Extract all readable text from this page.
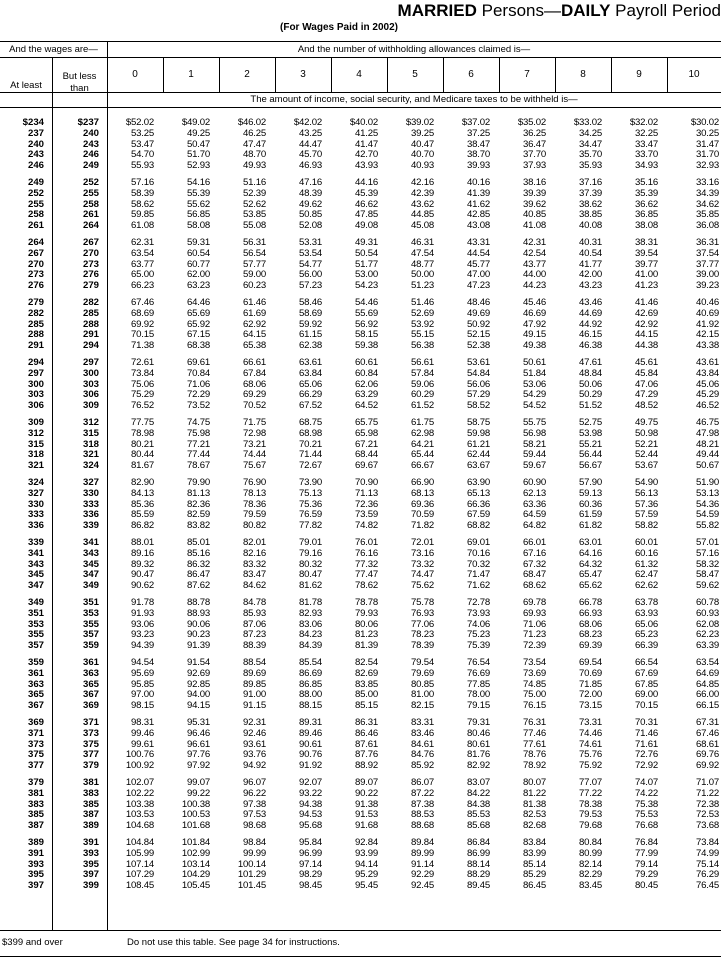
MARRIED Persons—DAILY Payroll Period
(For Wages Paid in 2002)
And the wages are—	And the number of withholding allowances claimed is—
At least
But less
than
The amount of income, social security, and Medicare taxes to be withheld is—
0	1	2	3	4	5	6	7	8	9	10
$234	$237	$52.02	$49.02	$46.02	$42.02	$40.02	$39.02	$37.02	$35.02	$33.02	$32.02	$30.02
237	240	53.25	49.25	46.25	43.25	41.25	39.25	37.25	36.25	34.25	32.25	30.25
240	243	53.47	50.47	47.47	44.47	41.47	40.47	38.47	36.47	34.47	33.47	31.47
243	246	54.70	51.70	48.70	45.70	42.70	40.70	38.70	37.70	35.70	33.70	31.70
246	249	55.93	52.93	49.93	46.93	43.93	40.93	39.93	37.93	35.93	34.93	32.93
249	252	57.16	54.16	51.16	47.16	44.16	42.16	40.16	38.16	37.16	35.16	33.16
252	255	58.39	55.39	52.39	48.39	45.39	42.39	41.39	39.39	37.39	35.39	34.39
255	258	58.62	55.62	52.62	49.62	46.62	43.62	41.62	39.62	38.62	36.62	34.62
258	261	59.85	56.85	53.85	50.85	47.85	44.85	42.85	40.85	38.85	36.85	35.85
261	264	61.08	58.08	55.08	52.08	49.08	45.08	43.08	41.08	40.08	38.08	36.08
264	267	62.31	59.31	56.31	53.31	49.31	46.31	43.31	42.31	40.31	38.31	36.31
267	270	63.54	60.54	56.54	53.54	50.54	47.54	44.54	42.54	40.54	39.54	37.54
270	273	63.77	60.77	57.77	54.77	51.77	48.77	45.77	43.77	41.77	39.77	37.77
273	276	65.00	62.00	59.00	56.00	53.00	50.00	47.00	44.00	42.00	41.00	39.00
276	279	66.23	63.23	60.23	57.23	54.23	51.23	47.23	44.23	43.23	41.23	39.23
279	282	67.46	64.46	61.46	58.46	54.46	51.46	48.46	45.46	43.46	41.46	40.46
282	285	68.69	65.69	61.69	58.69	55.69	52.69	49.69	46.69	44.69	42.69	40.69
285	288	69.92	65.92	62.92	59.92	56.92	53.92	50.92	47.92	44.92	42.92	41.92
288	291	70.15	67.15	64.15	61.15	58.15	55.15	52.15	49.15	46.15	44.15	42.15
291	294	71.38	68.38	65.38	62.38	59.38	56.38	52.38	49.38	46.38	44.38	43.38
294	297	72.61	69.61	66.61	63.61	60.61	56.61	53.61	50.61	47.61	45.61	43.61
297	300	73.84	70.84	67.84	63.84	60.84	57.84	54.84	51.84	48.84	45.84	43.84
300	303	75.06	71.06	68.06	65.06	62.06	59.06	56.06	53.06	50.06	47.06	45.06
303	306	75.29	72.29	69.29	66.29	63.29	60.29	57.29	54.29	50.29	47.29	45.29
306	309	76.52	73.52	70.52	67.52	64.52	61.52	58.52	54.52	51.52	48.52	46.52
309	312	77.75	74.75	71.75	68.75	65.75	61.75	58.75	55.75	52.75	49.75	46.75
312	315	78.98	75.98	72.98	68.98	65.98	62.98	59.98	56.98	53.98	50.98	47.98
315	318	80.21	77.21	73.21	70.21	67.21	64.21	61.21	58.21	55.21	52.21	48.21
318	321	80.44	77.44	74.44	71.44	68.44	65.44	62.44	59.44	56.44	52.44	49.44
321	324	81.67	78.67	75.67	72.67	69.67	66.67	63.67	59.67	56.67	53.67	50.67
324	327	82.90	79.90	76.90	73.90	70.90	66.90	63.90	60.90	57.90	54.90	51.90
327	330	84.13	81.13	78.13	75.13	71.13	68.13	65.13	62.13	59.13	56.13	53.13
330	333	85.36	82.36	78.36	75.36	72.36	69.36	66.36	63.36	60.36	57.36	54.36
333	336	85.59	82.59	79.59	76.59	73.59	70.59	67.59	64.59	61.59	57.59	54.59
336	339	86.82	83.82	80.82	77.82	74.82	71.82	68.82	64.82	61.82	58.82	55.82
339	341	88.01	85.01	82.01	79.01	76.01	72.01	69.01	66.01	63.01	60.01	57.01
341	343	89.16	85.16	82.16	79.16	76.16	73.16	70.16	67.16	64.16	60.16	57.16
343	345	89.32	86.32	83.32	80.32	77.32	73.32	70.32	67.32	64.32	61.32	58.32
345	347	90.47	86.47	83.47	80.47	77.47	74.47	71.47	68.47	65.47	62.47	58.47
347	349	90.62	87.62	84.62	81.62	78.62	75.62	71.62	68.62	65.62	62.62	59.62
349	351	91.78	88.78	84.78	81.78	78.78	75.78	72.78	69.78	66.78	63.78	60.78
351	353	91.93	88.93	85.93	82.93	79.93	76.93	73.93	69.93	66.93	63.93	60.93
353	355	93.06	90.06	87.06	83.06	80.06	77.06	74.06	71.06	68.06	65.06	62.08
355	357	93.23	90.23	87.23	84.23	81.23	78.23	75.23	71.23	68.23	65.23	62.23
357	359	94.39	91.39	88.39	84.39	81.39	78.39	75.39	72.39	69.39	66.39	63.39
359	361	94.54	91.54	88.54	85.54	82.54	79.54	76.54	73.54	69.54	66.54	63.54
361	363	95.69	92.69	89.69	86.69	82.69	79.69	76.69	73.69	70.69	67.69	64.69
363	365	95.85	92.85	89.85	86.85	83.85	80.85	77.85	74.85	71.85	67.85	64.85
365	367	97.00	94.00	91.00	88.00	85.00	81.00	78.00	75.00	72.00	69.00	66.00
367	369	98.15	94.15	91.15	88.15	85.15	82.15	79.15	76.15	73.15	70.15	66.15
369	371	98.31	95.31	92.31	89.31	86.31	83.31	79.31	76.31	73.31	70.31	67.31
371	373	99.46	96.46	92.46	89.46	86.46	83.46	80.46	77.46	74.46	71.46	67.46
373	375	99.61	96.61	93.61	90.61	87.61	84.61	80.61	77.61	74.61	71.61	68.61
375	377	100.76	97.76	93.76	90.76	87.76	84.76	81.76	78.76	75.76	72.76	69.76
377	379	100.92	97.92	94.92	91.92	88.92	85.92	82.92	78.92	75.92	72.92	69.92
379	381	102.07	99.07	96.07	92.07	89.07	86.07	83.07	80.07	77.07	74.07	71.07
381	383	102.22	99.22	96.22	93.22	90.22	87.22	84.22	81.22	77.22	74.22	71.22
383	385	103.38	100.38	97.38	94.38	91.38	87.38	84.38	81.38	78.38	75.38	72.38
385	387	103.53	100.53	97.53	94.53	91.53	88.53	85.53	82.53	79.53	75.53	72.53
387	389	104.68	101.68	98.68	95.68	91.68	88.68	85.68	82.68	79.68	76.68	73.68
389	391	104.84	101.84	98.84	95.84	92.84	89.84	86.84	83.84	80.84	76.84	73.84
391	393	105.99	102.99	99.99	96.99	93.99	89.99	86.99	83.99	80.99	77.99	74.99
393	395	107.14	103.14	100.14	97.14	94.14	91.14	88.14	85.14	82.14	79.14	75.14
395	397	107.29	104.29	101.29	98.29	95.29	92.29	88.29	85.29	82.29	79.29	76.29
397	399	108.45	105.45	101.45	98.45	95.45	92.45	89.45	86.45	83.45	80.45	76.45
$399 and over	Do not use this table. See page 34 for instructions.
